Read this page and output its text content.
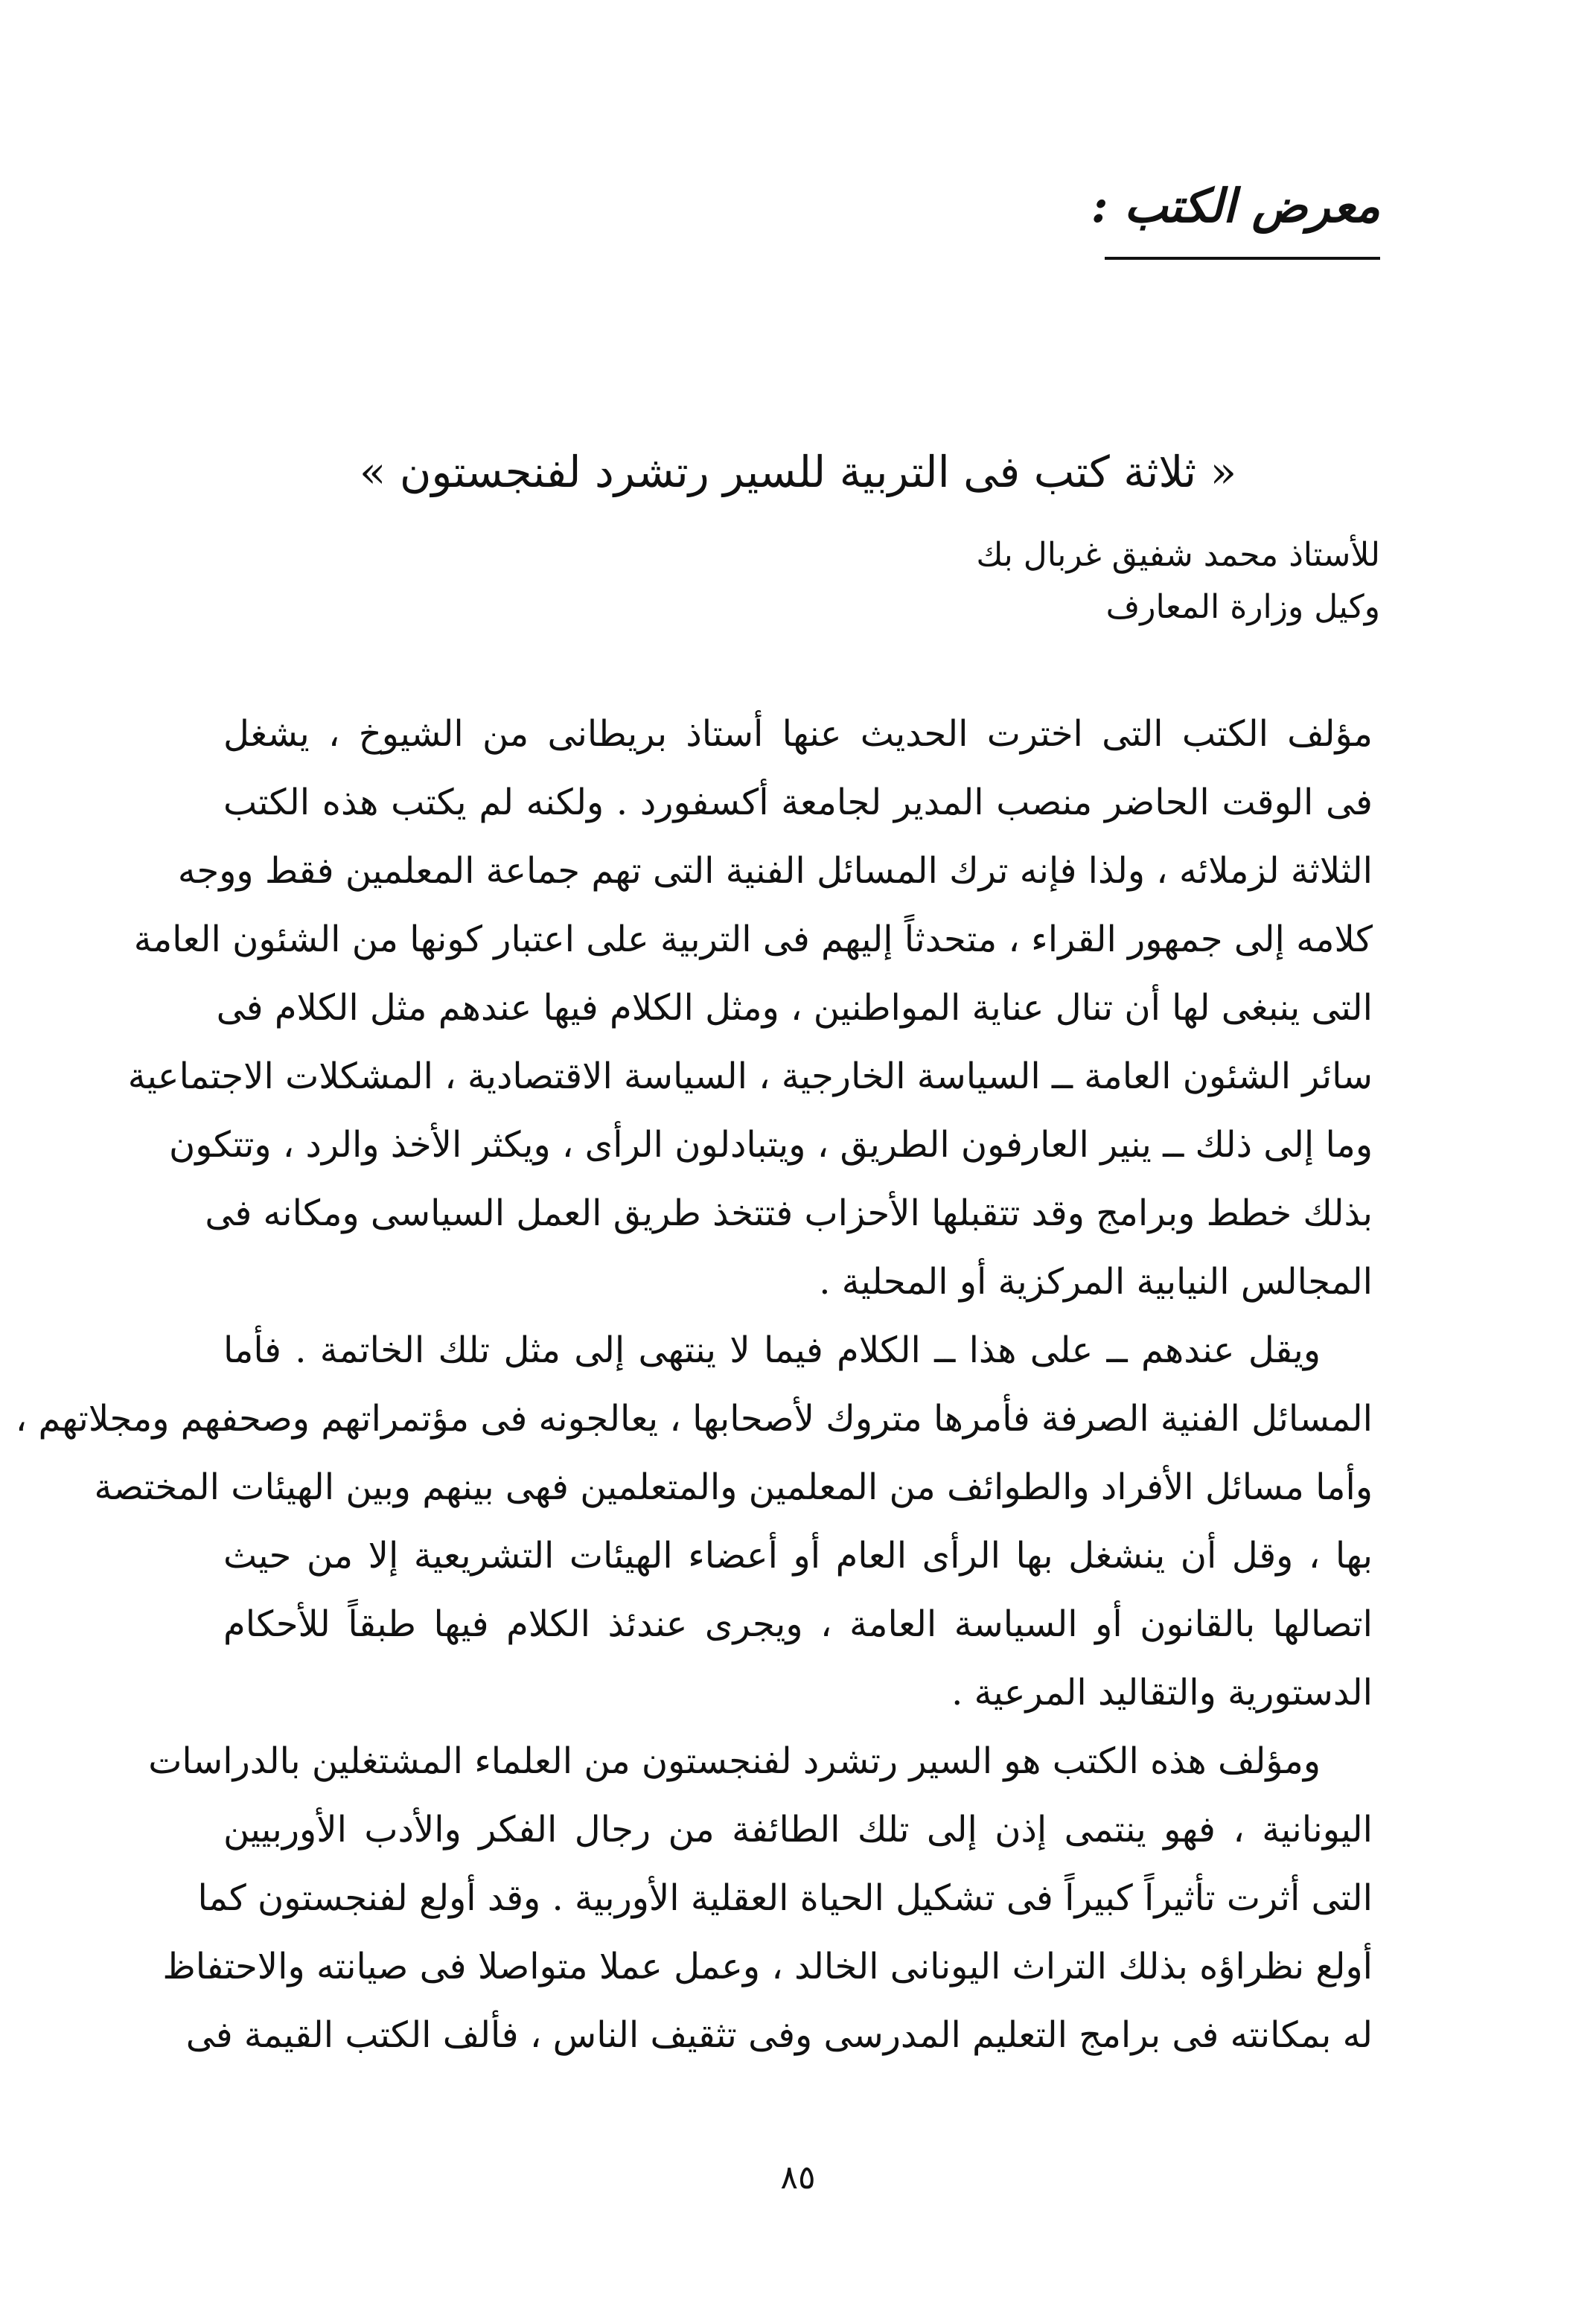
معرض الكتب :
« ثلاثة كتب فى التربية للسير رتشرد لفنجستون »
للأستاذ محمد شفيق غربال بك
وكيل وزارة المعارف
مؤلف الكتب التى اخترت الحديث عنها أستاذ بريطانى من الشيوخ ، يشغل
فى الوقت الحاضر منصب المدير لجامعة أكسفورد . ولكنه لم يكتب هذه الكتب
الثلاثة لزملائه ، ولذا فإنه ترك المسائل الفنية التى تهم جماعة المعلمين فقط ووجه
كلامه إلى جمهور القراء ، متحدثاً إليهم فى التربية على اعتبار كونها من الشئون العامة
التى ينبغى لها أن تنال عناية المواطنين ، ومثل الكلام فيها عندهم مثل الكلام فى
سائر الشئون العامة ــ السياسة الخارجية ، السياسة الاقتصادية ، المشكلات الاجتماعية
وما إلى ذلك ــ ينير العارفون الطريق ، ويتبادلون الرأى ، ويكثر الأخذ والرد ، وتتكون
بذلك خطط وبرامج وقد تتقبلها الأحزاب فتتخذ طريق العمل السياسى ومكانه فى
المجالس النيابية المركزية أو المحلية .
ويقل عندهم ــ على هذا ــ الكلام فيما لا ينتهى إلى مثل تلك الخاتمة . فأما
المسائل الفنية الصرفة فأمرها متروك لأصحابها ، يعالجونه فى مؤتمراتهم وصحفهم ومجلاتهم ،
وأما مسائل الأفراد والطوائف من المعلمين والمتعلمين فهى بينهم وبين الهيئات المختصة
بها ، وقل أن ينشغل بها الرأى العام أو أعضاء الهيئات التشريعية إلا من حيث
اتصالها بالقانون أو السياسة العامة ، ويجرى عندئذ الكلام فيها طبقاً للأحكام
الدستورية والتقاليد المرعية .
ومؤلف هذه الكتب هو السير رتشرد لفنجستون من العلماء المشتغلين بالدراسات
اليونانية ، فهو ينتمى إذن إلى تلك الطائفة من رجال الفكر والأدب الأوربيين
التى أثرت تأثيراً كبيراً فى تشكيل الحياة العقلية الأوربية . وقد أولع لفنجستون كما
أولع نظراؤه بذلك التراث اليونانى الخالد ، وعمل عملا متواصلا فى صيانته والاحتفاظ
له بمكانته فى برامج التعليم المدرسى وفى تثقيف الناس ، فألف الكتب القيمة فى
٨٥
